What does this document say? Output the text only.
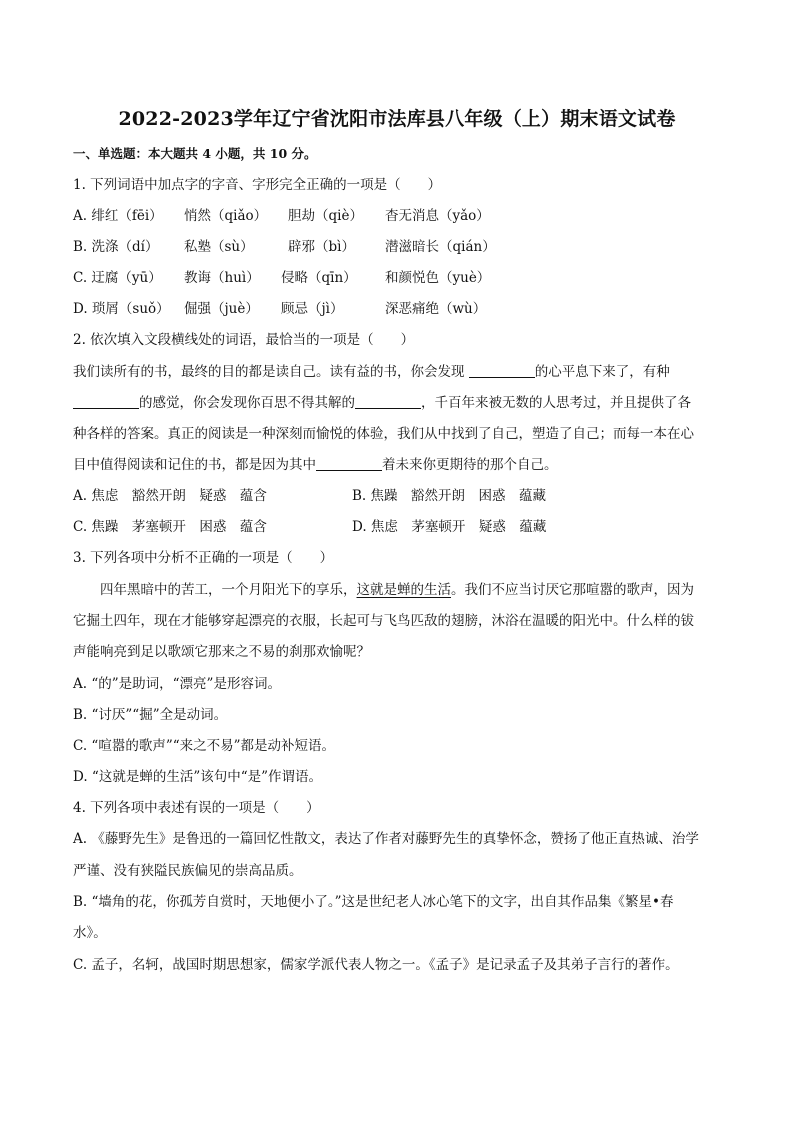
2022-2023学年辽宁省沈阳市法库县八年级（上）期末语文试卷
一、单选题：本大题共 4 小题，共 10 分。
1. 下列词语中加点字的字音、字形完全正确的一项是（　　）
A. 绯红（fēi） 悄然（qiǎo） 胆劫（qiè） 杳无消息（yǎo）
B. 洗涤（dí） 私塾（sù）	辟邪（bì） 潜滋暗长（qián）
C. 迂腐（yū） 教诲（huì） 侵略（qīn） 和颜悦色（yuè）
D. 琐屑（suǒ） 倔强（juè） 顾忌（jì）	深恶痛绝（wù）
2. 依次填入文段横线处的词语，最恰当的一项是（　　）
我们读所有的书，最终的目的都是读自己。读有益的书，你会发现	的心平息下来了，有种
的感觉，你会发现你百思不得其解的	，千百年来被无数的人思考过，并且提供了各
种各样的答案。真正的阅读是一种深刻而愉悦的体验，我们从中找到了自己，塑造了自己；而每一本在心
目中值得阅读和记住的书，都是因为其中	着未来你更期待的那个自己。
A. 焦虑　豁然开朗　疑惑　蕴含	B. 焦躁　豁然开朗　困惑　蕴藏
C. 焦躁　茅塞顿开　困惑　蕴含	D. 焦虑　茅塞顿开　疑惑　蕴藏
3. 下列各项中分析不正确的一项是（　　）
四年黑暗中的苦工，一个月阳光下的享乐，这就是蝉的生活。我们不应当讨厌它那喧嚣的歌声，因为
它掘土四年，现在才能够穿起漂亮的衣服，长起可与飞鸟匹敌的翅膀，沐浴在温暖的阳光中。什么样的钹
声能响亮到足以歌颂它那来之不易的刹那欢愉呢？
A. “的”是助词，“漂亮”是形容词。
B. “讨厌”“掘”全是动词。
C. “喧嚣的歌声”“来之不易”都是动补短语。
D. “这就是蝉的生活”该句中“是”作谓语。
4. 下列各项中表述有误的一项是（　　）
A. 《藤野先生》是鲁迅的一篇回忆性散文，表达了作者对藤野先生的真挚怀念，赞扬了他正直热诚、治学
严谨、没有狭隘民族偏见的崇高品质。
B. “墙角的花，你孤芳自赏时，天地便小了。”这是世纪老人冰心笔下的文字，出自其作品集《繁星•春
水》。
C. 孟子，名轲，战国时期思想家，儒家学派代表人物之一。《孟子》是记录孟子及其弟子言行的著作。
